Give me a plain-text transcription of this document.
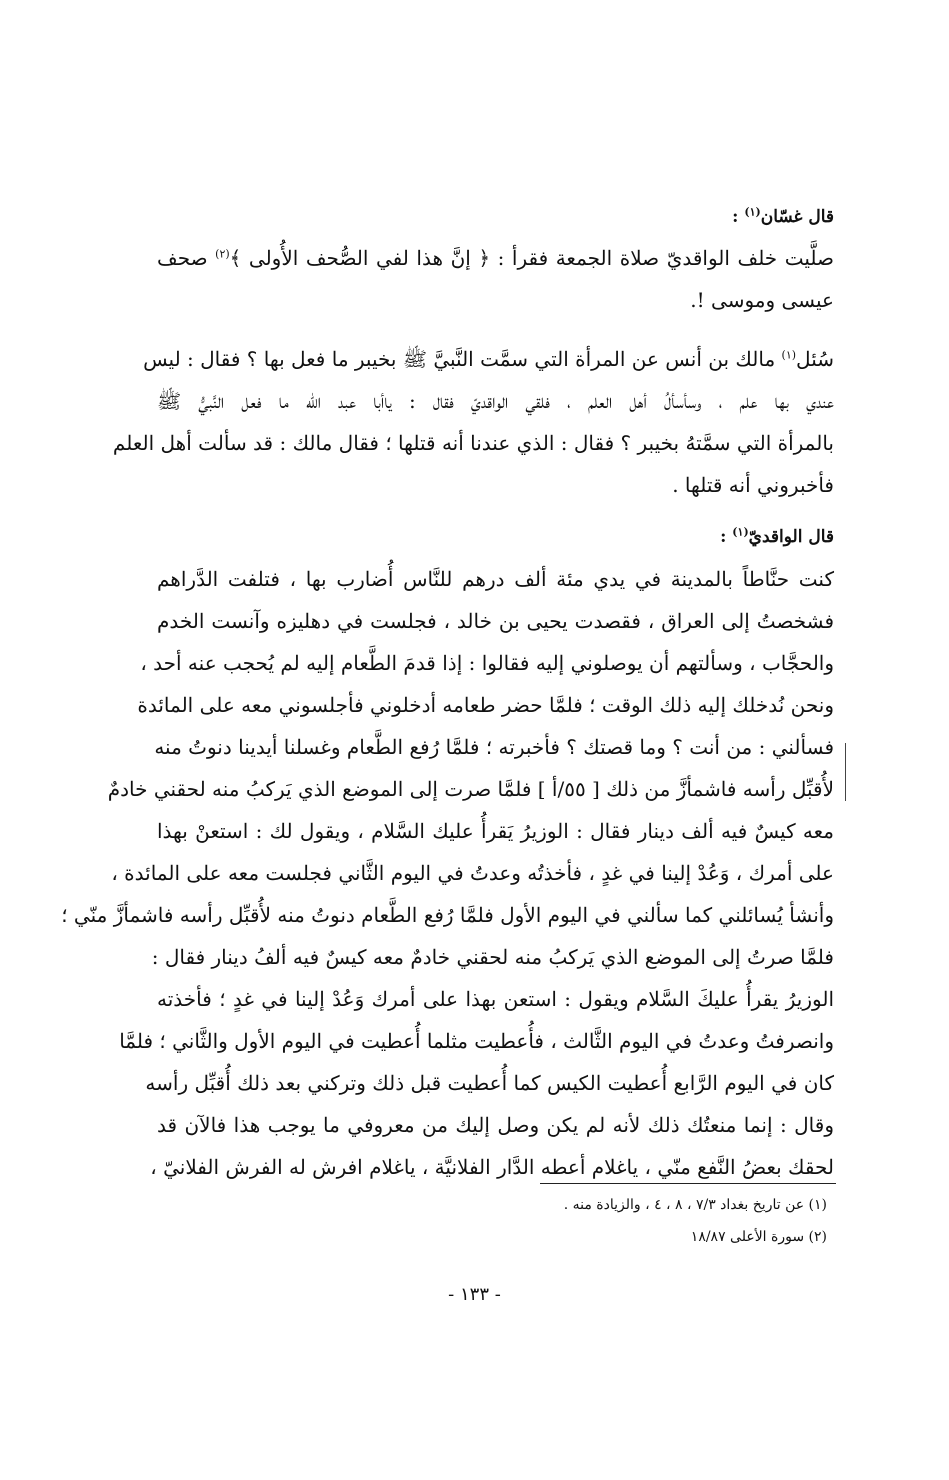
قال غسّان$^{(١)}$ :
صلَّيت خلف الواقديّ صلاة الجمعة فقرأ : ﴿ إنَّ هذا لفي الصُّحف الأُولى ﴾$^{(٢)}$ صحف
عيسى وموسى !.
سُئل$^{(١)}$ مالك بن أنس عن المرأة التي سمَّت النَّبيَّ ﷺ بخيبر ما فعل بها ؟ فقال : ليس
عندي بها علم ، وسأسألُ أهل العلم ، فلقي الواقديّ فقال : ياأبا عبد الله ما فعل النَّبيُّ ﷺ
بالمرأة التي سمَّتهُ بخيبر ؟ فقال : الذي عندنا أنه قتلها ؛ فقال مالك : قد سألت أهل العلم
فأخبروني أنه قتلها .
قال الواقديّ$^{(١)}$ :
كنت حنَّاطاً بالمدينة في يدي مئة ألف درهم للنَّاس أُضارب بها ، فتلفت الدَّراهم
فشخصتُ إلى العراق ، فقصدت يحيى بن خالد ، فجلست في دهليزه وآنست الخدم
والحجَّاب ، وسألتهم أن يوصلوني إليه فقالوا : إذا قدمَ الطَّعام إليه لم يُحجب عنه أحد ،
ونحن نُدخلك إليه ذلك الوقت ؛ فلمَّا حضر طعامه أدخلوني فأجلسوني معه على المائدة
فسألني : من أنت ؟ وما قصتك ؟ فأخبرته ؛ فلمَّا رُفع الطَّعام وغسلنا أيدينا دنوتُ منه
لأُقبِّل رأسه فاشمأزَّ من ذلك [ ٥٥/أ ] فلمَّا صرت إلى الموضع الذي يَركبُ منه لحقني خادمٌ
معه كيسٌ فيه ألف دينار فقال : الوزيرُ يَقرأُ عليك السَّلام ، ويقول لك : استعنْ بهذا
على أمرك ، وَعُدْ إلينا في غدٍ ، فأخذتُه وعدتُ في اليوم الثَّاني فجلست معه على المائدة ،
وأنشأ يُسائلني كما سألني في اليوم الأول فلمَّا رُفع الطَّعام دنوتُ منه لأُقبِّل رأسه فاشمأزَّ منّي ؛
فلمَّا صرتُ إلى الموضع الذي يَركبُ منه لحقني خادمٌ معه كيسٌ فيه ألفُ دينار فقال :
الوزيرُ يقرأُ عليكَ السَّلام ويقول : استعن بهذا على أمرك وَعُدْ إلينا في غدٍ ؛ فأخذته
وانصرفتُ وعدتُ في اليوم الثَّالث ، فأُعطيت مثلما أُعطيت في اليوم الأول والثَّاني ؛ فلمَّا
كان في اليوم الرَّابع أُعطيت الكيس كما أُعطيت قبل ذلك وتركني بعد ذلك أُقبِّل رأسه
وقال : إنما منعتُك ذلك لأنه لم يكن وصل إليك من معروفي ما يوجب هذا فالآن قد
لحقك بعضُ النَّفع منّي ، ياغلام أعطه الدَّار الفلانيَّة ، ياغلام افرش له الفرش الفلانيّ ،
(١) عن تاريخ بغداد ٧/٣ ، ٨ ، ٤ ، والزيادة منه .
(٢) سورة الأعلى ١٨/٨٧
- ١٣٣ -
